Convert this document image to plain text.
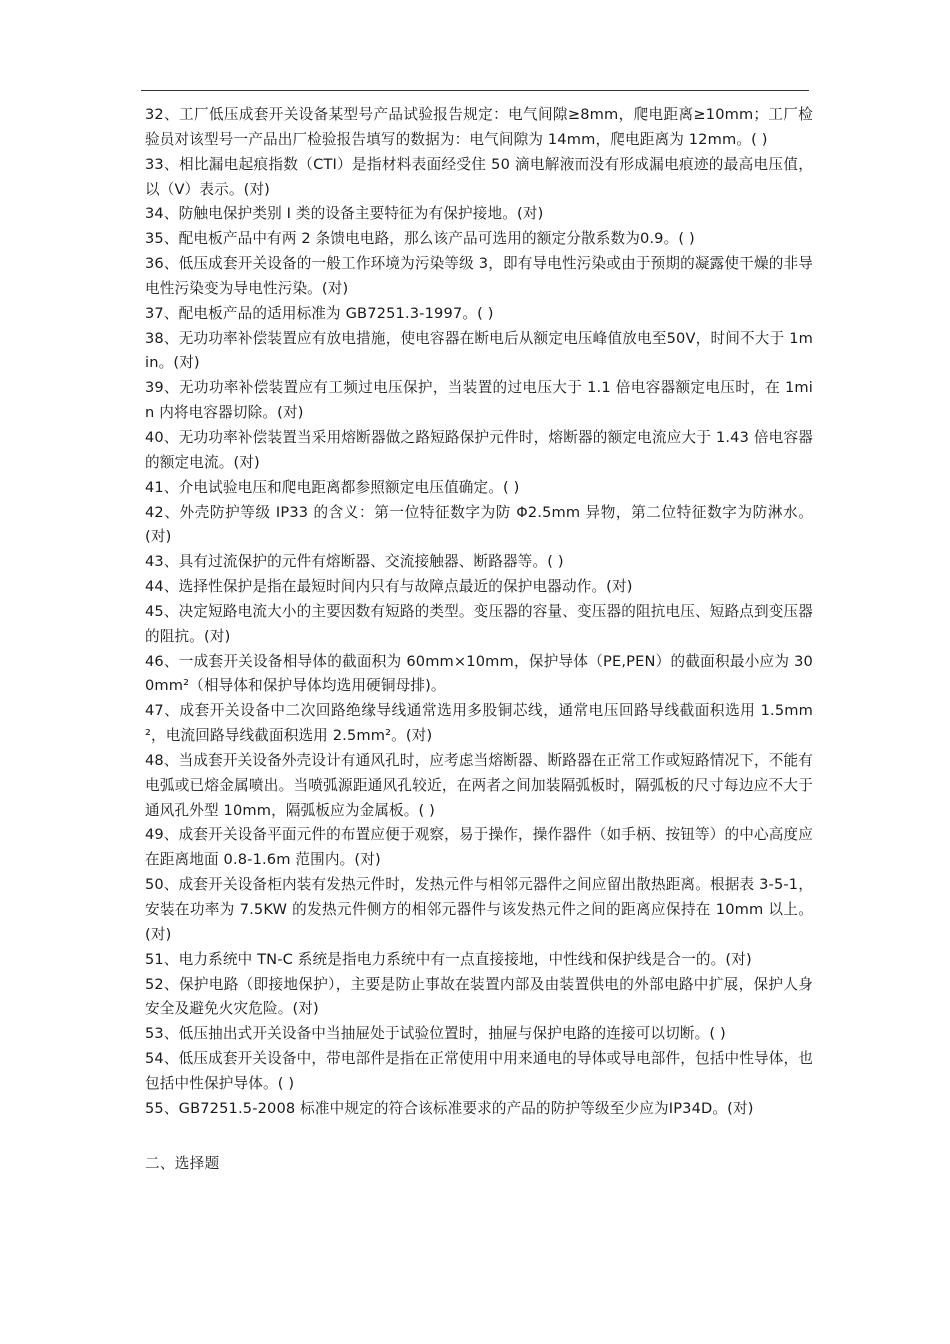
32、工厂低压成套开关设备某型号产品试验报告规定：电气间隙≥8mm，爬电距离≥10mm；工厂检验员对该型号一产品出厂检验报告填写的数据为：电气间隙为 14mm，爬电距离为 12mm。( )

33、相比漏电起痕指数（CTI）是指材料表面经受住 50 滴电解液而没有形成漏电痕迹的最高电压值，以（V）表示。(对)

34、防触电保护类别 I 类的设备主要特征为有保护接地。(对)

35、配电板产品中有两 2 条馈电电路，那么该产品可选用的额定分散系数为0.9。( )

36、低压成套开关设备的一般工作环境为污染等级 3，即有导电性污染或由于预期的凝露使干燥的非导电性污染变为导电性污染。(对)

37、配电板产品的适用标准为 GB7251.3-1997。( )

38、无功功率补偿装置应有放电措施，使电容器在断电后从额定电压峰值放电至50V，时间不大于 1min。(对)

39、无功功率补偿装置应有工频过电压保护，当装置的过电压大于 1.1 倍电容器额定电压时，在 1min 内将电容器切除。(对)

40、无功功率补偿装置当采用熔断器做之路短路保护元件时，熔断器的额定电流应大于 1.43 倍电容器的额定电流。(对)

41、介电试验电压和爬电距离都参照额定电压值确定。( )

42、外壳防护等级 IP33 的含义：第一位特征数字为防 Φ2.5mm 异物，第二位特征数字为防淋水。(对)

43、具有过流保护的元件有熔断器、交流接触器、断路器等。( )

44、选择性保护是指在最短时间内只有与故障点最近的保护电器动作。(对)

45、决定短路电流大小的主要因数有短路的类型。变压器的容量、变压器的阻抗电压、短路点到变压器的阻抗。(对)

46、一成套开关设备相导体的截面积为 60mm×10mm，保护导体（PE,PEN）的截面积最小应为 300mm²（相导体和保护导体均选用硬铜母排)。

47、成套开关设备中二次回路绝缘导线通常选用多股铜芯线，通常电压回路导线截面积选用 1.5mm²，电流回路导线截面积选用 2.5mm²。(对)

48、当成套开关设备外壳设计有通风孔时，应考虑当熔断器、断路器在正常工作或短路情况下，不能有电弧或已熔金属喷出。当喷弧源距通风孔较近，在两者之间加装隔弧板时，隔弧板的尺寸每边应不大于通风孔外型 10mm，隔弧板应为金属板。( )

49、成套开关设备平面元件的布置应便于观察，易于操作，操作器件（如手柄、按钮等）的中心高度应在距离地面 0.8-1.6m 范围内。(对)

50、成套开关设备柜内装有发热元件时，发热元件与相邻元器件之间应留出散热距离。根据表 3-5-1，安装在功率为 7.5KW 的发热元件侧方的相邻元器件与该发热元件之间的距离应保持在 10mm 以上。(对)

51、电力系统中 TN-C 系统是指电力系统中有一点直接接地，中性线和保护线是合一的。(对)

52、保护电路（即接地保护），主要是防止事故在装置内部及由装置供电的外部电路中扩展，保护人身安全及避免火灾危险。(对)

53、低压抽出式开关设备中当抽屉处于试验位置时，抽屉与保护电路的连接可以切断。( )

54、低压成套开关设备中，带电部件是指在正常使用中用来通电的导体或导电部件，包括中性导体，也包括中性保护导体。( )

55、GB7251.5-2008 标准中规定的符合该标准要求的产品的防护等级至少应为IP34D。(对)

二、选择题
